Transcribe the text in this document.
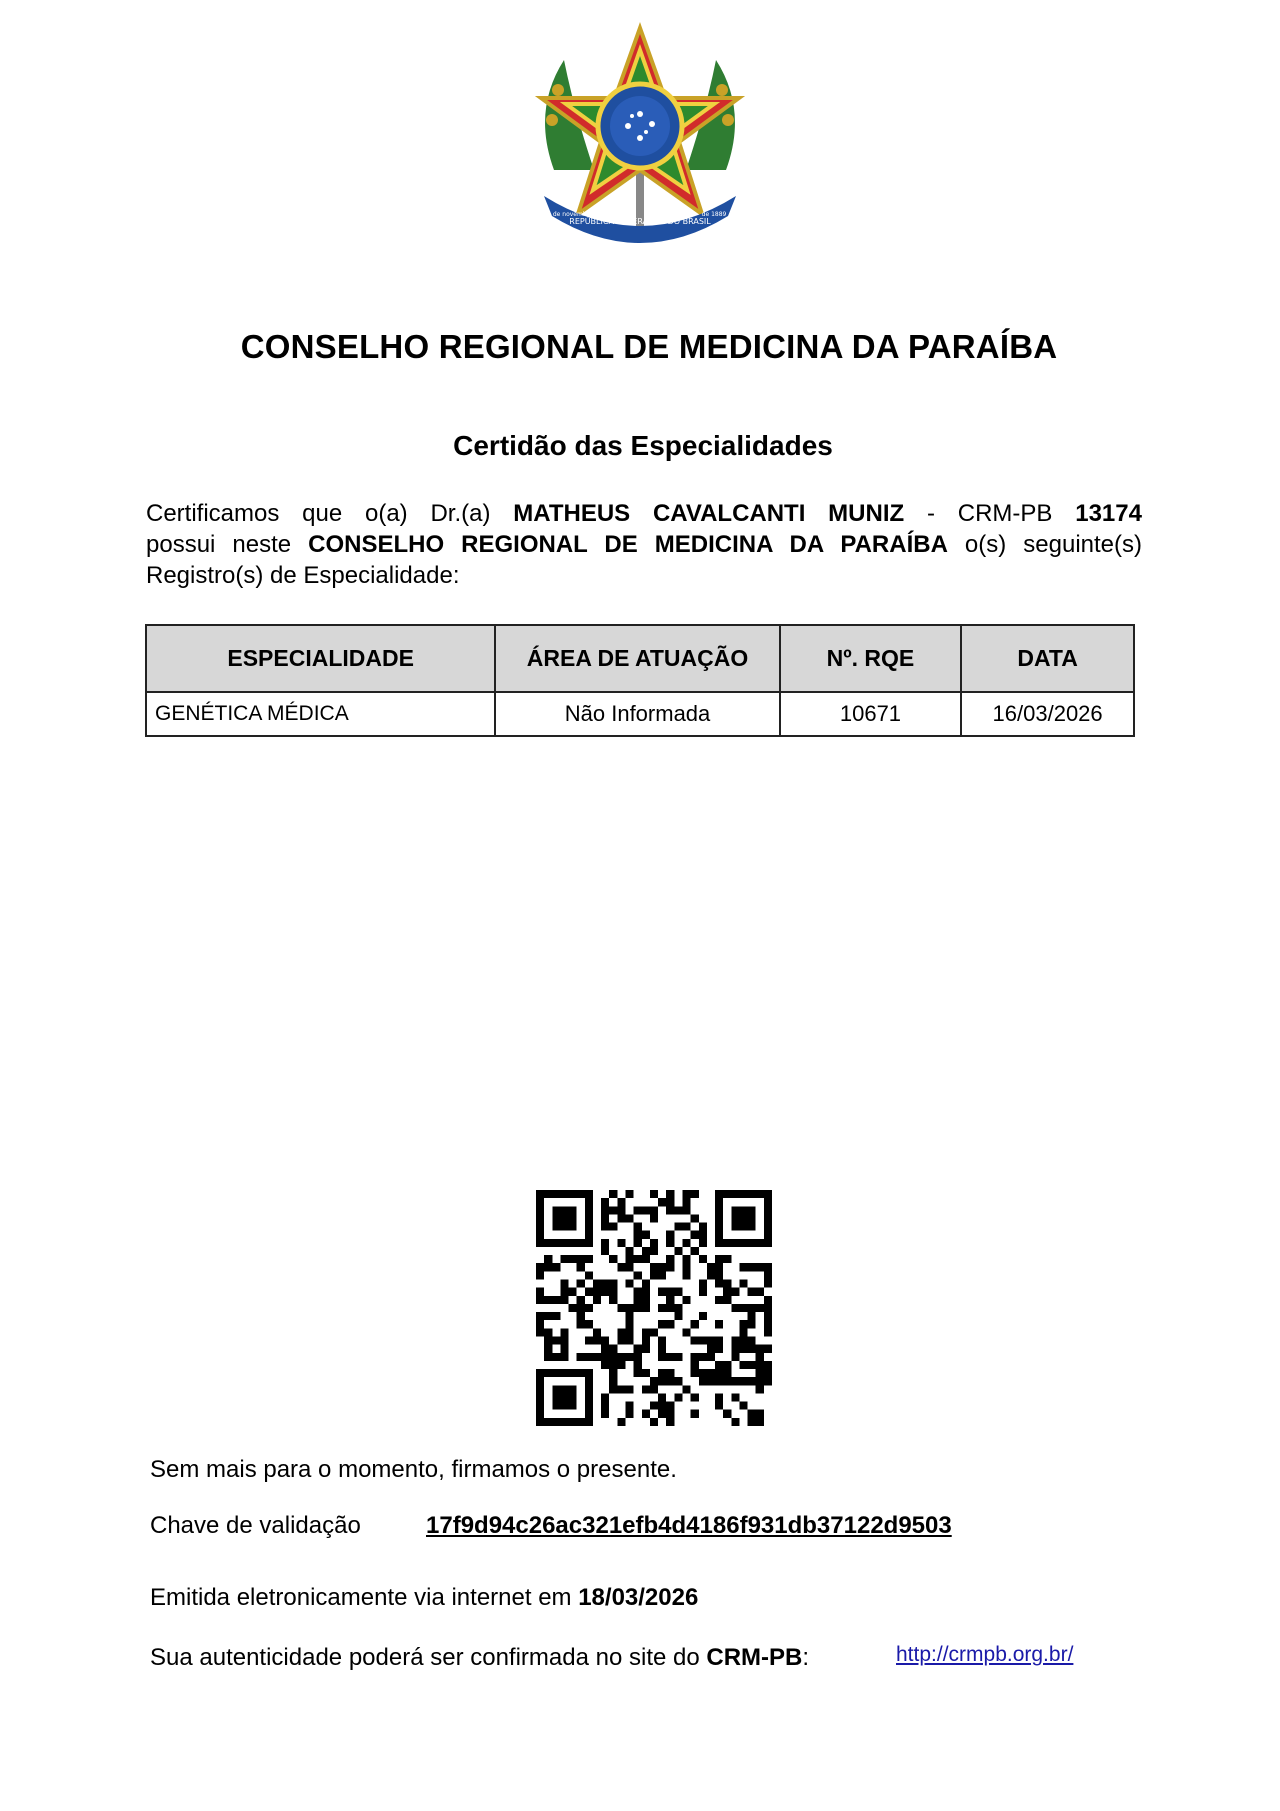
REPÚBLICA FEDERATIVA DO BRASIL
15 de novembro	de 1889
CONSELHO REGIONAL DE MEDICINA DA PARAÍBA
Certidão das Especialidades
Certificamos que o(a) Dr.(a) MATHEUS CAVALCANTI MUNIZ - CRM-PB 13174
possui neste CONSELHO REGIONAL DE MEDICINA DA PARAÍBA o(s) seguinte(s) Registro(s) de Especialidade:
ESPECIALIDADE	ÁREA DE ATUAÇÃO	Nº. RQE	DATA
GENÉTICA MÉDICA	Não Informada	10671	16/03/2026
Sem mais para o momento, firmamos o presente.
Chave de validação	17f9d94c26ac321efb4d4186f931db37122d9503
Emitida eletronicamente via internet em 18/03/2026
Sua autenticidade poderá ser confirmada no site do CRM-PB:	http://crmpb.org.br/
